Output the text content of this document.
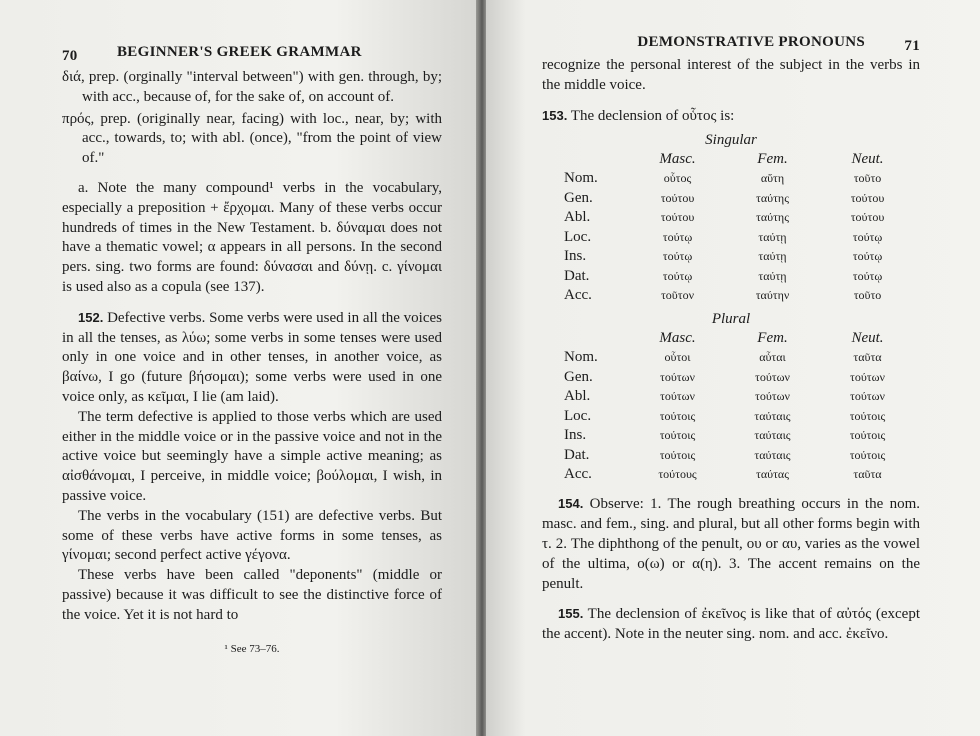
70	BEGINNER'S GREEK GRAMMAR

διά, prep. (orginally "interval between") with gen. through, by; with acc., because of, for the sake of, on account of.

πρός, prep. (originally near, facing) with loc., near, by; with acc., towards, to; with abl. (once), "from the point of view of."

a. Note the many compound¹ verbs in the vocabulary, especially a preposition + ἔρχομαι. Many of these verbs occur hundreds of times in the New Testament. b. δύναμαι does not have a thematic vowel; α appears in all persons. In the second pers. sing. two forms are found: δύνασαι and δύνῃ. c. γίνομαι is used also as a copula (see 137).

152. Defective verbs. Some verbs were used in all the voices in all the tenses, as λύω; some verbs in some tenses were used only in one voice and in other tenses, in another voice, as βαίνω, I go (future βήσομαι); some verbs were used in one voice only, as κεῖμαι, I lie (am laid).

The term defective is applied to those verbs which are used either in the middle voice or in the passive voice and not in the active voice but seemingly have a simple active meaning; as αἰσθάνομαι, I perceive, in middle voice; βούλομαι, I wish, in passive voice.

The verbs in the vocabulary (151) are defective verbs. But some of these verbs have active forms in some tenses, as γίνομαι; second perfect active γέγονα.

These verbs have been called "deponents" (middle or passive) because it was difficult to see the distinctive force of the voice. Yet it is not hard to

¹ See 73–76.

DEMONSTRATIVE PRONOUNS	71

recognize the personal interest of the subject in the verbs in the middle voice.

153. The declension of οὗτος is:

Singular
	Masc.	Fem.	Neut.
Nom.	οὗτος	αὕτη	τοῦτο
Gen.	τούτου	ταύτης	τούτου
Abl.	τούτου	ταύτης	τούτου
Loc.	τούτῳ	ταύτῃ	τούτῳ
Ins.	τούτῳ	ταύτῃ	τούτῳ
Dat.	τούτῳ	ταύτῃ	τούτῳ
Acc.	τοῦτον	ταύτην	τοῦτο
Plural
	Masc.	Fem.	Neut.
Nom.	οὗτοι	αὗται	ταῦτα
Gen.	τούτων	τούτων	τούτων
Abl.	τούτων	τούτων	τούτων
Loc.	τούτοις	ταύταις	τούτοις
Ins.	τούτοις	ταύταις	τούτοις
Dat.	τούτοις	ταύταις	τούτοις
Acc.	τούτους	ταύτας	ταῦτα

154. Observe: 1. The rough breathing occurs in the nom. masc. and fem., sing. and plural, but all other forms begin with τ. 2. The diphthong of the penult, ου or αυ, varies as the vowel of the ultima, ο(ω) or α(η). 3. The accent remains on the penult.

155. The declension of ἐκεῖνος is like that of αὐτός (except the accent). Note in the neuter sing. nom. and acc. ἐκεῖνο.
